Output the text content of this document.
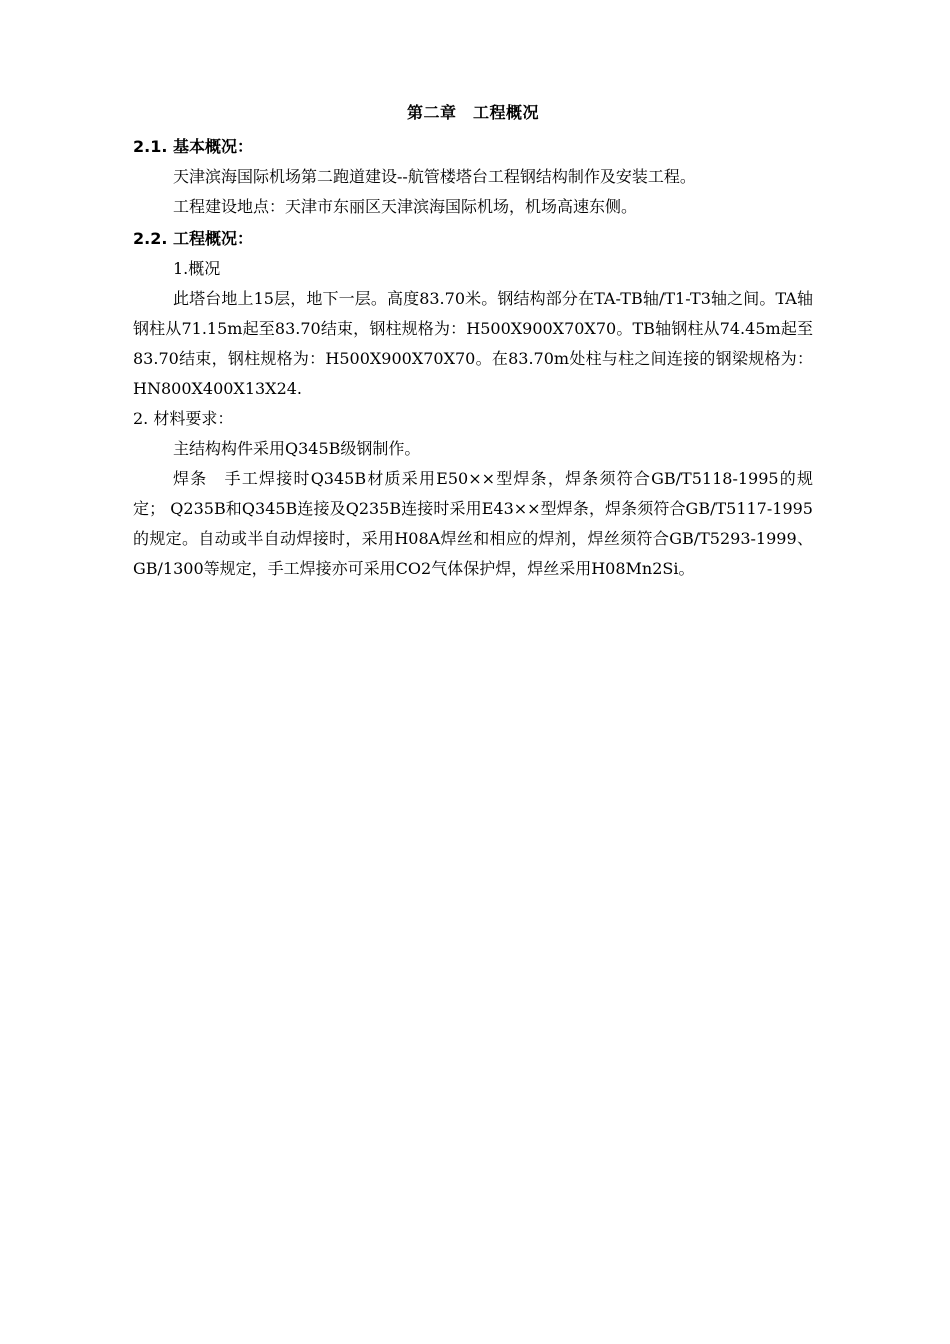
第二章　工程概况
2.1. 基本概况：

天津滨海国际机场第二跑道建设--航管楼塔台工程钢结构制作及安装工程。

工程建设地点：天津市东丽区天津滨海国际机场，机场高速东侧。

2.2. 工程概况：

1.概况

此塔台地上15层，地下一层。高度83.70米。钢结构部分在TA-TB轴/T1-T3轴之间。TA轴钢柱从71.15m起至83.70结束，钢柱规格为：H500X900X70X70。TB轴钢柱从74.45m起至83.70结束，钢柱规格为：H500X900X70X70。在83.70m处柱与柱之间连接的钢梁规格为：HN800X400X13X24.

2. 材料要求：

主结构构件采用Q345B级钢制作。

焊条　手工焊接时Q345B材质采用E50××型焊条，焊条须符合GB/T5118-1995的规定； Q235B和Q345B连接及Q235B连接时采用E43××型焊条，焊条须符合GB/T5117-1995的规定。自动或半自动焊接时，采用H08A焊丝和相应的焊剂，焊丝须符合GB/T5293-1999、GB/1300等规定，手工焊接亦可采用CO2气体保护焊，焊丝采用H08Mn2Si。
